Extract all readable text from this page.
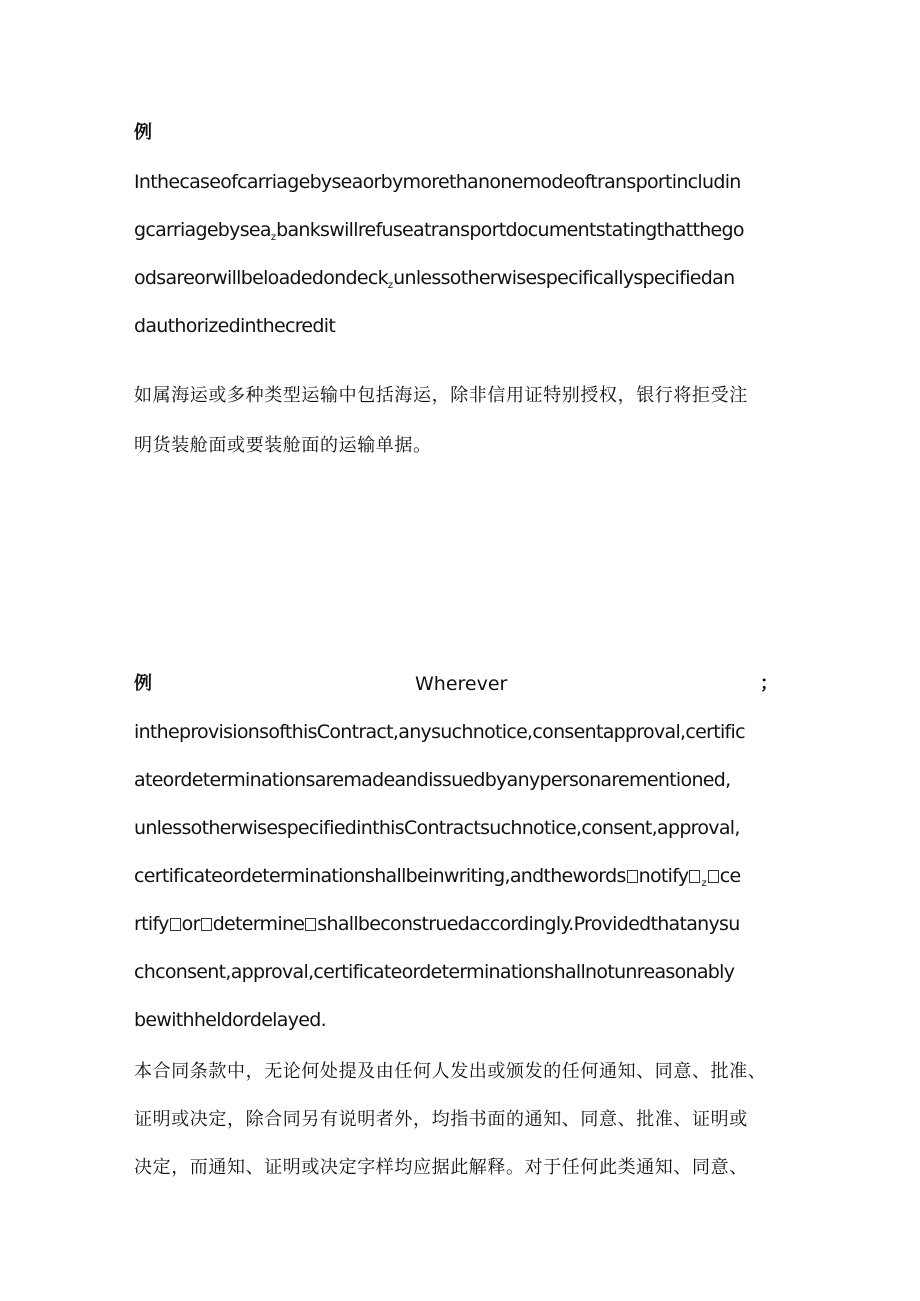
例
Inthecaseofcarriagebyseaorbymorethanonemodeoftransportincludin
gcarriagebysea$_z$bankswillrefuseatransportdocumentstatingthatthego
odsareorwillbeloadedondeck$_z$unlessotherwisespecificallyspecifiedan
dauthorizedinthecredit
如属海运或多种类型运输中包括海运，除非信用证特别授权，银行将拒受注
明货装舱面或要装舱面的运输单据。
例	Wherever	；
intheprovisionsofthisContract,anysuchnotice,consentapproval,certific
ateordeterminationsaremadeandissuedbyanypersonarementioned,
unlessotherwisespecifiedinthisContractsuchnotice,consent,approval,
certificateordeterminationshallbeinwriting,andthewords notify $_z$ ce
rtify or determine shallbeconstruedaccordingly.Providedthatanysu
chconsent,approval,certificateordeterminationshallnotunreasonably
bewithheldordelayed.
本合同条款中，无论何处提及由任何人发出或颁发的任何通知、同意、批准、
证明或决定，除合同另有说明者外，均指书面的通知、同意、批准、证明或
决定，而通知、证明或决定字样均应据此解释。对于任何此类通知、同意、
